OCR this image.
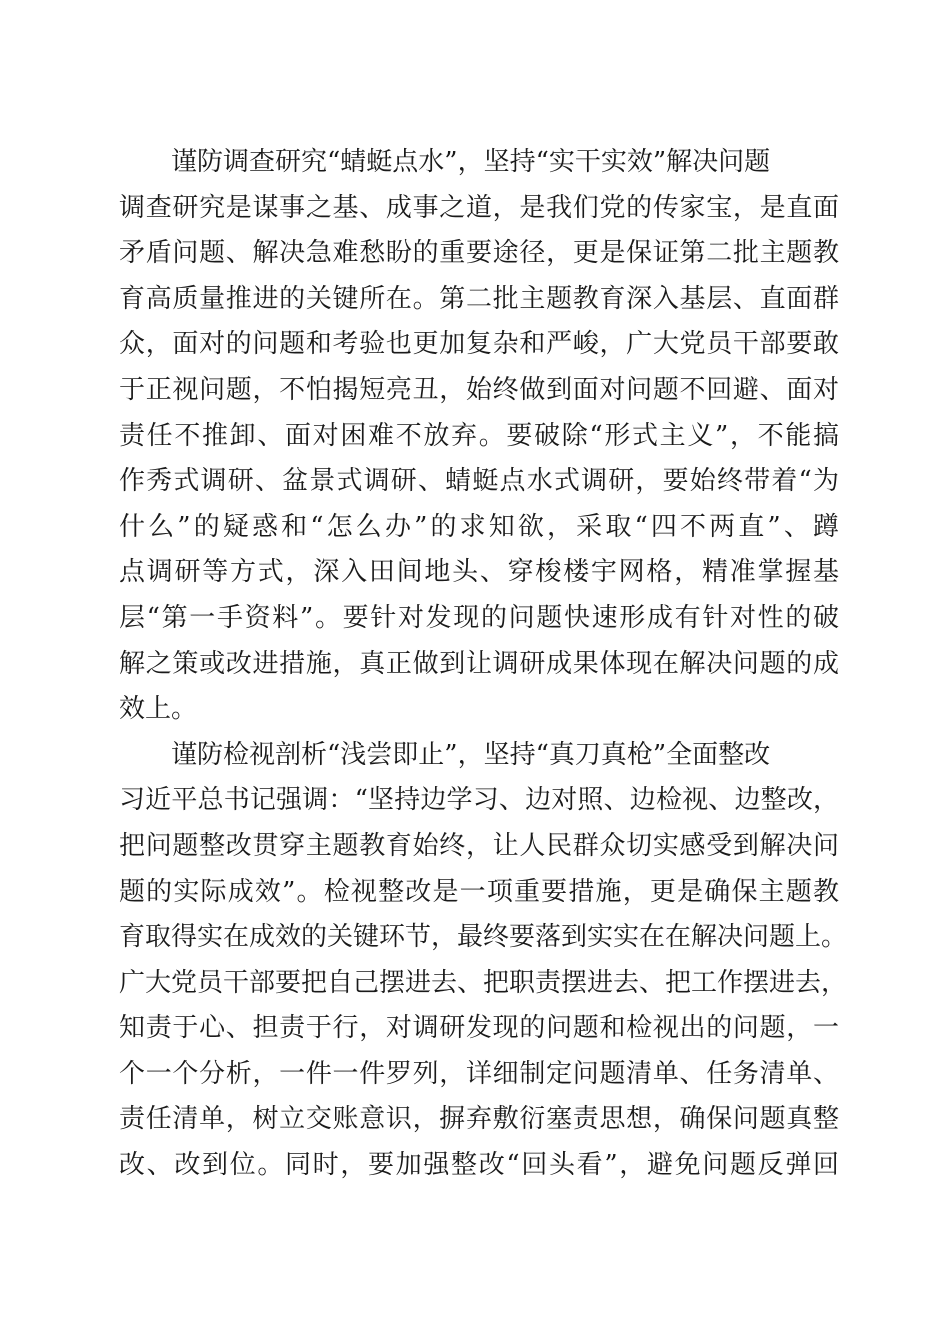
谨防调查研究“蜻蜓点水”，坚持“实干实效”解决问题
调查研究是谋事之基、成事之道，是我们党的传家宝，是直面
矛盾问题、解决急难愁盼的重要途径，更是保证第二批主题教
育高质量推进的关键所在。第二批主题教育深入基层、直面群
众，面对的问题和考验也更加复杂和严峻，广大党员干部要敢
于正视问题，不怕揭短亮丑，始终做到面对问题不回避、面对
责任不推卸、面对困难不放弃。要破除“形式主义”，不能搞
作秀式调研、盆景式调研、蜻蜓点水式调研，要始终带着“为
什么”的疑惑和“怎么办”的求知欲，采取“四不两直”、蹲
点调研等方式，深入田间地头、穿梭楼宇网格，精准掌握基
层“第一手资料”。要针对发现的问题快速形成有针对性的破
解之策或改进措施，真正做到让调研成果体现在解决问题的成
效上。
谨防检视剖析“浅尝即止”，坚持“真刀真枪”全面整改
习近平总书记强调：“坚持边学习、边对照、边检视、边整改，
把问题整改贯穿主题教育始终，让人民群众切实感受到解决问
题的实际成效”。检视整改是一项重要措施，更是确保主题教
育取得实在成效的关键环节，最终要落到实实在在解决问题上。
广大党员干部要把自己摆进去、把职责摆进去、把工作摆进去，
知责于心、担责于行，对调研发现的问题和检视出的问题，一
个一个分析，一件一件罗列，详细制定问题清单、任务清单、
责任清单，树立交账意识，摒弃敷衍塞责思想，确保问题真整
改、改到位。同时，要加强整改“回头看”，避免问题反弹回
